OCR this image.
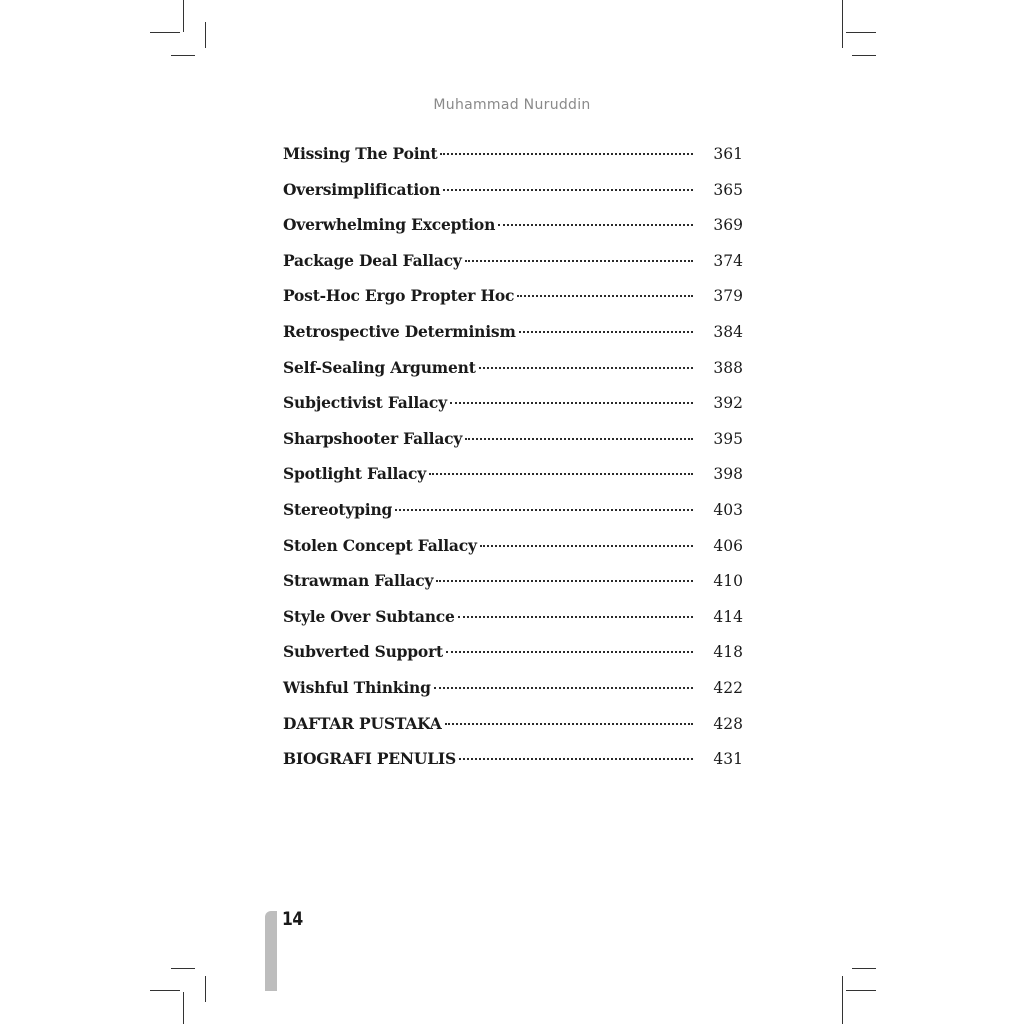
Muhammad Nuruddin
Missing The Point	361
Oversimplification	365
Overwhelming Exception	369
Package Deal Fallacy	374
Post-Hoc Ergo Propter Hoc	379
Retrospective Determinism	384
Self-Sealing Argument	388
Subjectivist Fallacy	392
Sharpshooter Fallacy	395
Spotlight Fallacy	398
Stereotyping	403
Stolen Concept Fallacy	406
Strawman Fallacy	410
Style Over Subtance	414
Subverted Support	418
Wishful Thinking	422
DAFTAR PUSTAKA	428
BIOGRAFI PENULIS	431
14
